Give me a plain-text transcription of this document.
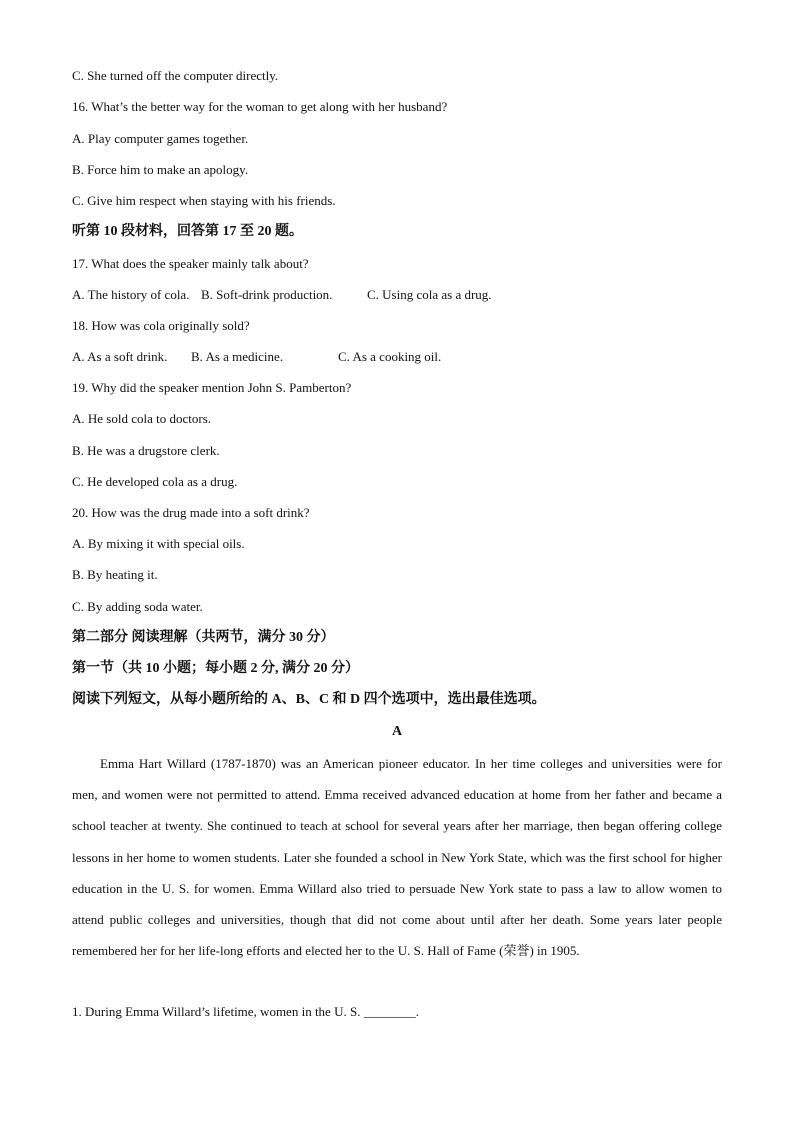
C. She turned off the computer directly.
16. What’s the better way for the woman to get along with her husband?
A. Play computer games together.
B. Force him to make an apology.
C. Give him respect when staying with his friends.
听第 10 段材料，回答第 17 至 20 题。
17. What does the speaker mainly talk about?
A. The history of cola. B. Soft-drink production.	C. Using cola as a drug.
18. How was cola originally sold?
A. As a soft drink. B. As a medicine.	C. As a cooking oil.
19. Why did the speaker mention John S. Pamberton?
A. He sold cola to doctors.
B. He was a drugstore clerk.
C. He developed cola as a drug.
20. How was the drug made into a soft drink?
A. By mixing it with special oils.
B. By heating it.
C. By adding soda water.
第二部分 阅读理解（共两节，满分 30 分）
第一节（共 10 小题；每小题 2 分, 满分 20 分）
阅读下列短文，从每小题所给的 A、B、C 和 D 四个选项中，选出最佳选项。
A
Emma Hart Willard (1787-1870) was an American pioneer educator. In her time colleges and universities were for men, and women were not permitted to attend. Emma received advanced education at home from her father and became a school teacher at twenty. She continued to teach at school for several years after her marriage, then began offering college lessons in her home to women students. Later she founded a school in New York State, which was the first school for higher education in the U. S. for women. Emma Willard also tried to persuade New York state to pass a law to allow women to attend public colleges and universities, though that did not come about until after her death. Some years later people remembered her for her life-long efforts and elected her to the U. S. Hall of Fame (荣誉) in 1905.
1. During Emma Willard’s lifetime, women in the U. S. ________.
